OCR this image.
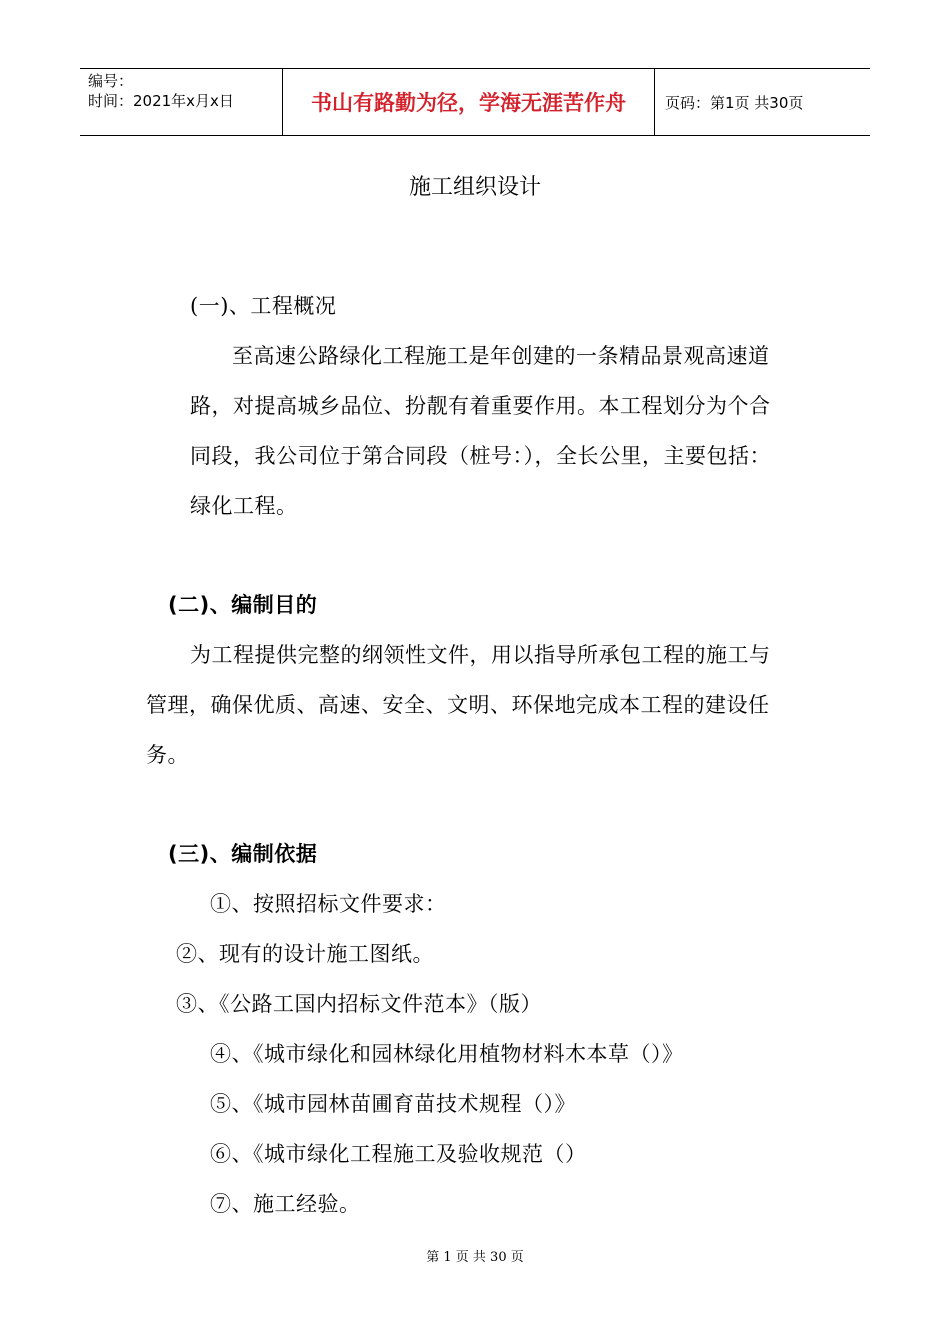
编号：
时间：2021年x月x日	书山有路勤为径，学海无涯苦作舟	页码：第1页 共30页
施工组织设计
(一)、工程概况
至高速公路绿化工程施工是年创建的一条精品景观高速道
路，对提高城乡品位、扮靓有着重要作用。本工程划分为个合
同段，我公司位于第合同段（桩号：），全长公里，主要包括：
绿化工程。
(二)、编制目的
为工程提供完整的纲领性文件，用以指导所承包工程的施工与
管理，确保优质、高速、安全、文明、环保地完成本工程的建设任
务。
(三)、编制依据
①、按照招标文件要求：
②、现有的设计施工图纸。
③、《公路工国内招标文件范本》（版）
④、《城市绿化和园林绿化用植物材料木本草（）》
⑤、《城市园林苗圃育苗技术规程（）》
⑥、《城市绿化工程施工及验收规范（）
⑦、施工经验。
第 1 页 共 30 页
